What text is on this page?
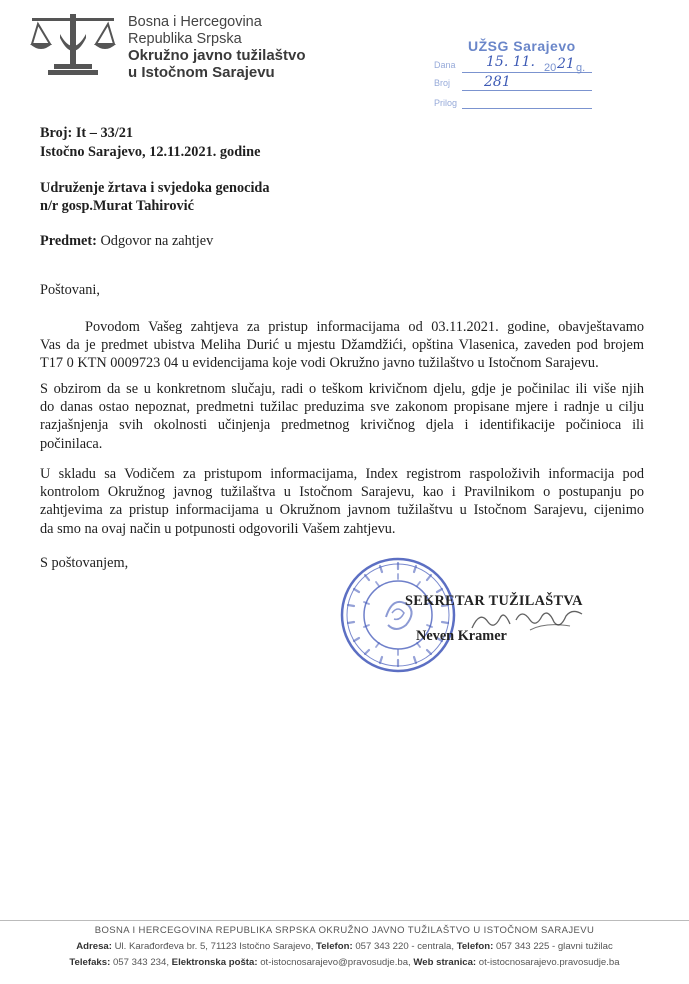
Bosna i Hercegovina
Republika Srpska
Okružno javno tužilaštvo
u Istočnom Sarajevu
UŽSG Sarajevo
Dana 15. 11. 20 21 g.
Broj 281
Prilog
Broj: It – 33/21
Istočno Sarajevo, 12.11.2021. godine
Udruženje žrtava i svjedoka genocida
n/r gosp.Murat Tahirović
Predmet: Odgovor na zahtjev
Poštovani,
Povodom Vašeg zahtjeva za pristup informacijama od 03.11.2021. godine, obavještavamo
Vas da je predmet ubistva Meliha Durić u mjestu Džamdžići, opština Vlasenica, zaveden pod brojem
T17 0 KTN 0009723 04 u evidencijama koje vodi Okružno javno tužilaštvo u Istočnom Sarajevu.
S obzirom da se u konkretnom slučaju, radi o teškom krivičnom djelu, gdje je počinilac ili više njih
do danas ostao nepoznat, predmetni tužilac preduzima sve zakonom propisane mjere i radnje u cilju
razjašnjenja svih okolnosti učinjenja predmetnog krivičnog djela i identifikacije počinioca ili
počinilaca.
U skladu sa Vodičem za pristupom informacijama, Index registrom raspoloživih informacija pod
kontrolom Okružnog javnog tužilaštva u Istočnom Sarajevu, kao i Pravilnikom o postupanju po
zahtjevima za pristup informacijama u Okružnom javnom tužilaštvu u Istočnom Sarajevu, cijenimo
da smo na ovaj način u potpunosti odgovorili Vašem zahtjevu.
S poštovanjem,
SEKRETAR TUŽILAŠTVA
Neven Kramer
BOSNA I HERCEGOVINA REPUBLIKA SRPSKA OKRUŽNO JAVNO TUŽILAŠTVO U ISTOČNOM SARAJEVU
Adresa: Ul. Karađorđeva br. 5, 71123 Istočno Sarajevo, Telefon: 057 343 220 - centrala, Telefon: 057 343 225 - glavni tužilac
Telefaks: 057 343 234, Elektronska pošta: ot-istocnosarajevo@pravosudje.ba, Web stranica: ot-istocnosarajevo.pravosudje.ba
